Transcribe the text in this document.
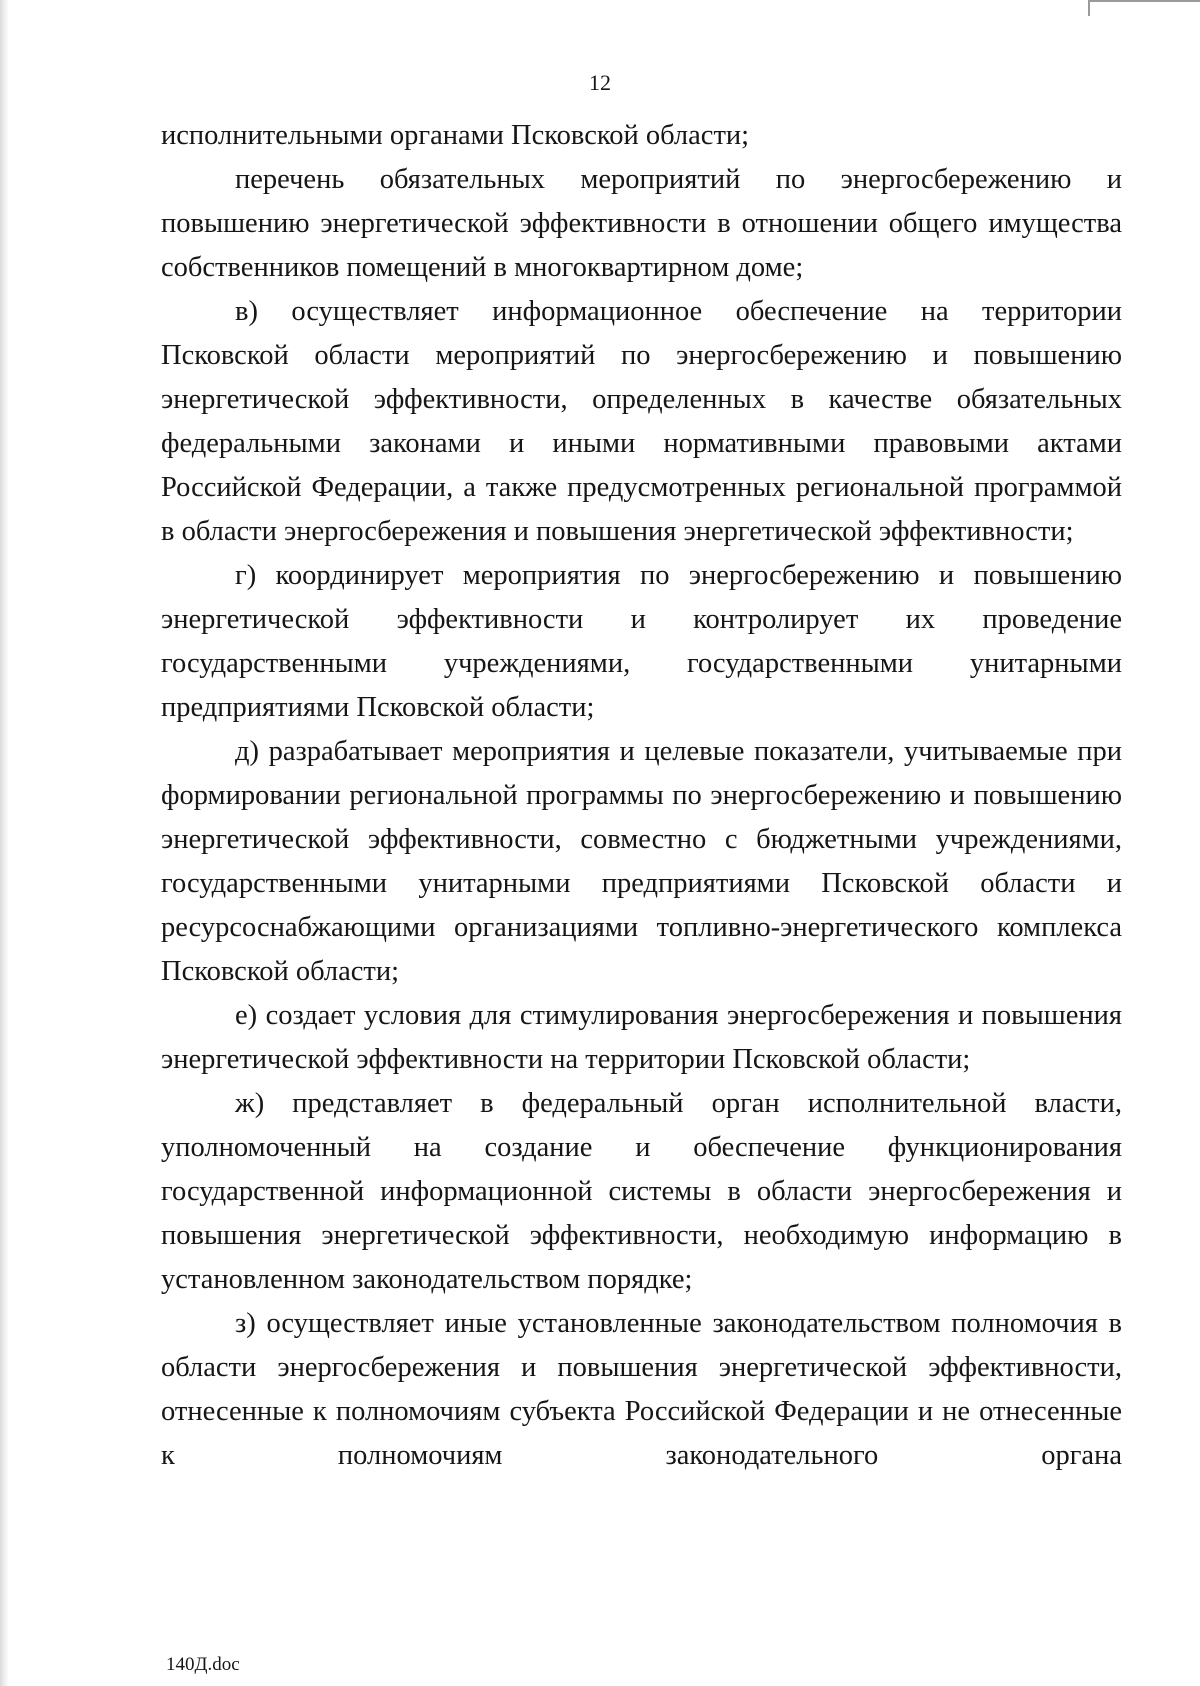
12

исполнительными органами Псковской области;

перечень обязательных мероприятий по энергосбережению и повышению энергетической эффективности в отношении общего имущества собственников помещений в многоквартирном доме;

в) осуществляет информационное обеспечение на территории Псковской области мероприятий по энергосбережению и повышению энергетической эффективности, определенных в качестве обязательных федеральными законами и иными нормативными правовыми актами Российской Федерации, а также предусмотренных региональной программой в области энергосбережения и повышения энергетической эффективности;

г) координирует мероприятия по энергосбережению и повышению энергетической эффективности и контролирует их проведение государственными учреждениями, государственными унитарными предприятиями Псковской области;

д) разрабатывает мероприятия и целевые показатели, учитываемые при формировании региональной программы по энергосбережению и повышению энергетической эффективности, совместно с бюджетными учреждениями, государственными унитарными предприятиями Псковской области и ресурсоснабжающими организациями топливно-энергетического комплекса Псковской области;

е) создает условия для стимулирования энергосбережения и повышения энергетической эффективности на территории Псковской области;

ж) представляет в федеральный орган исполнительной власти, уполномоченный на создание и обеспечение функционирования государственной информационной системы в области энергосбережения и повышения энергетической эффективности, необходимую информацию в установленном законодательством порядке;

з) осуществляет иные установленные законодательством полномочия в области энергосбережения и повышения энергетической эффективности, отнесенные к полномочиям субъекта Российской Федерации и не отнесенные к полномочиям законодательного органа

140Д.doc
